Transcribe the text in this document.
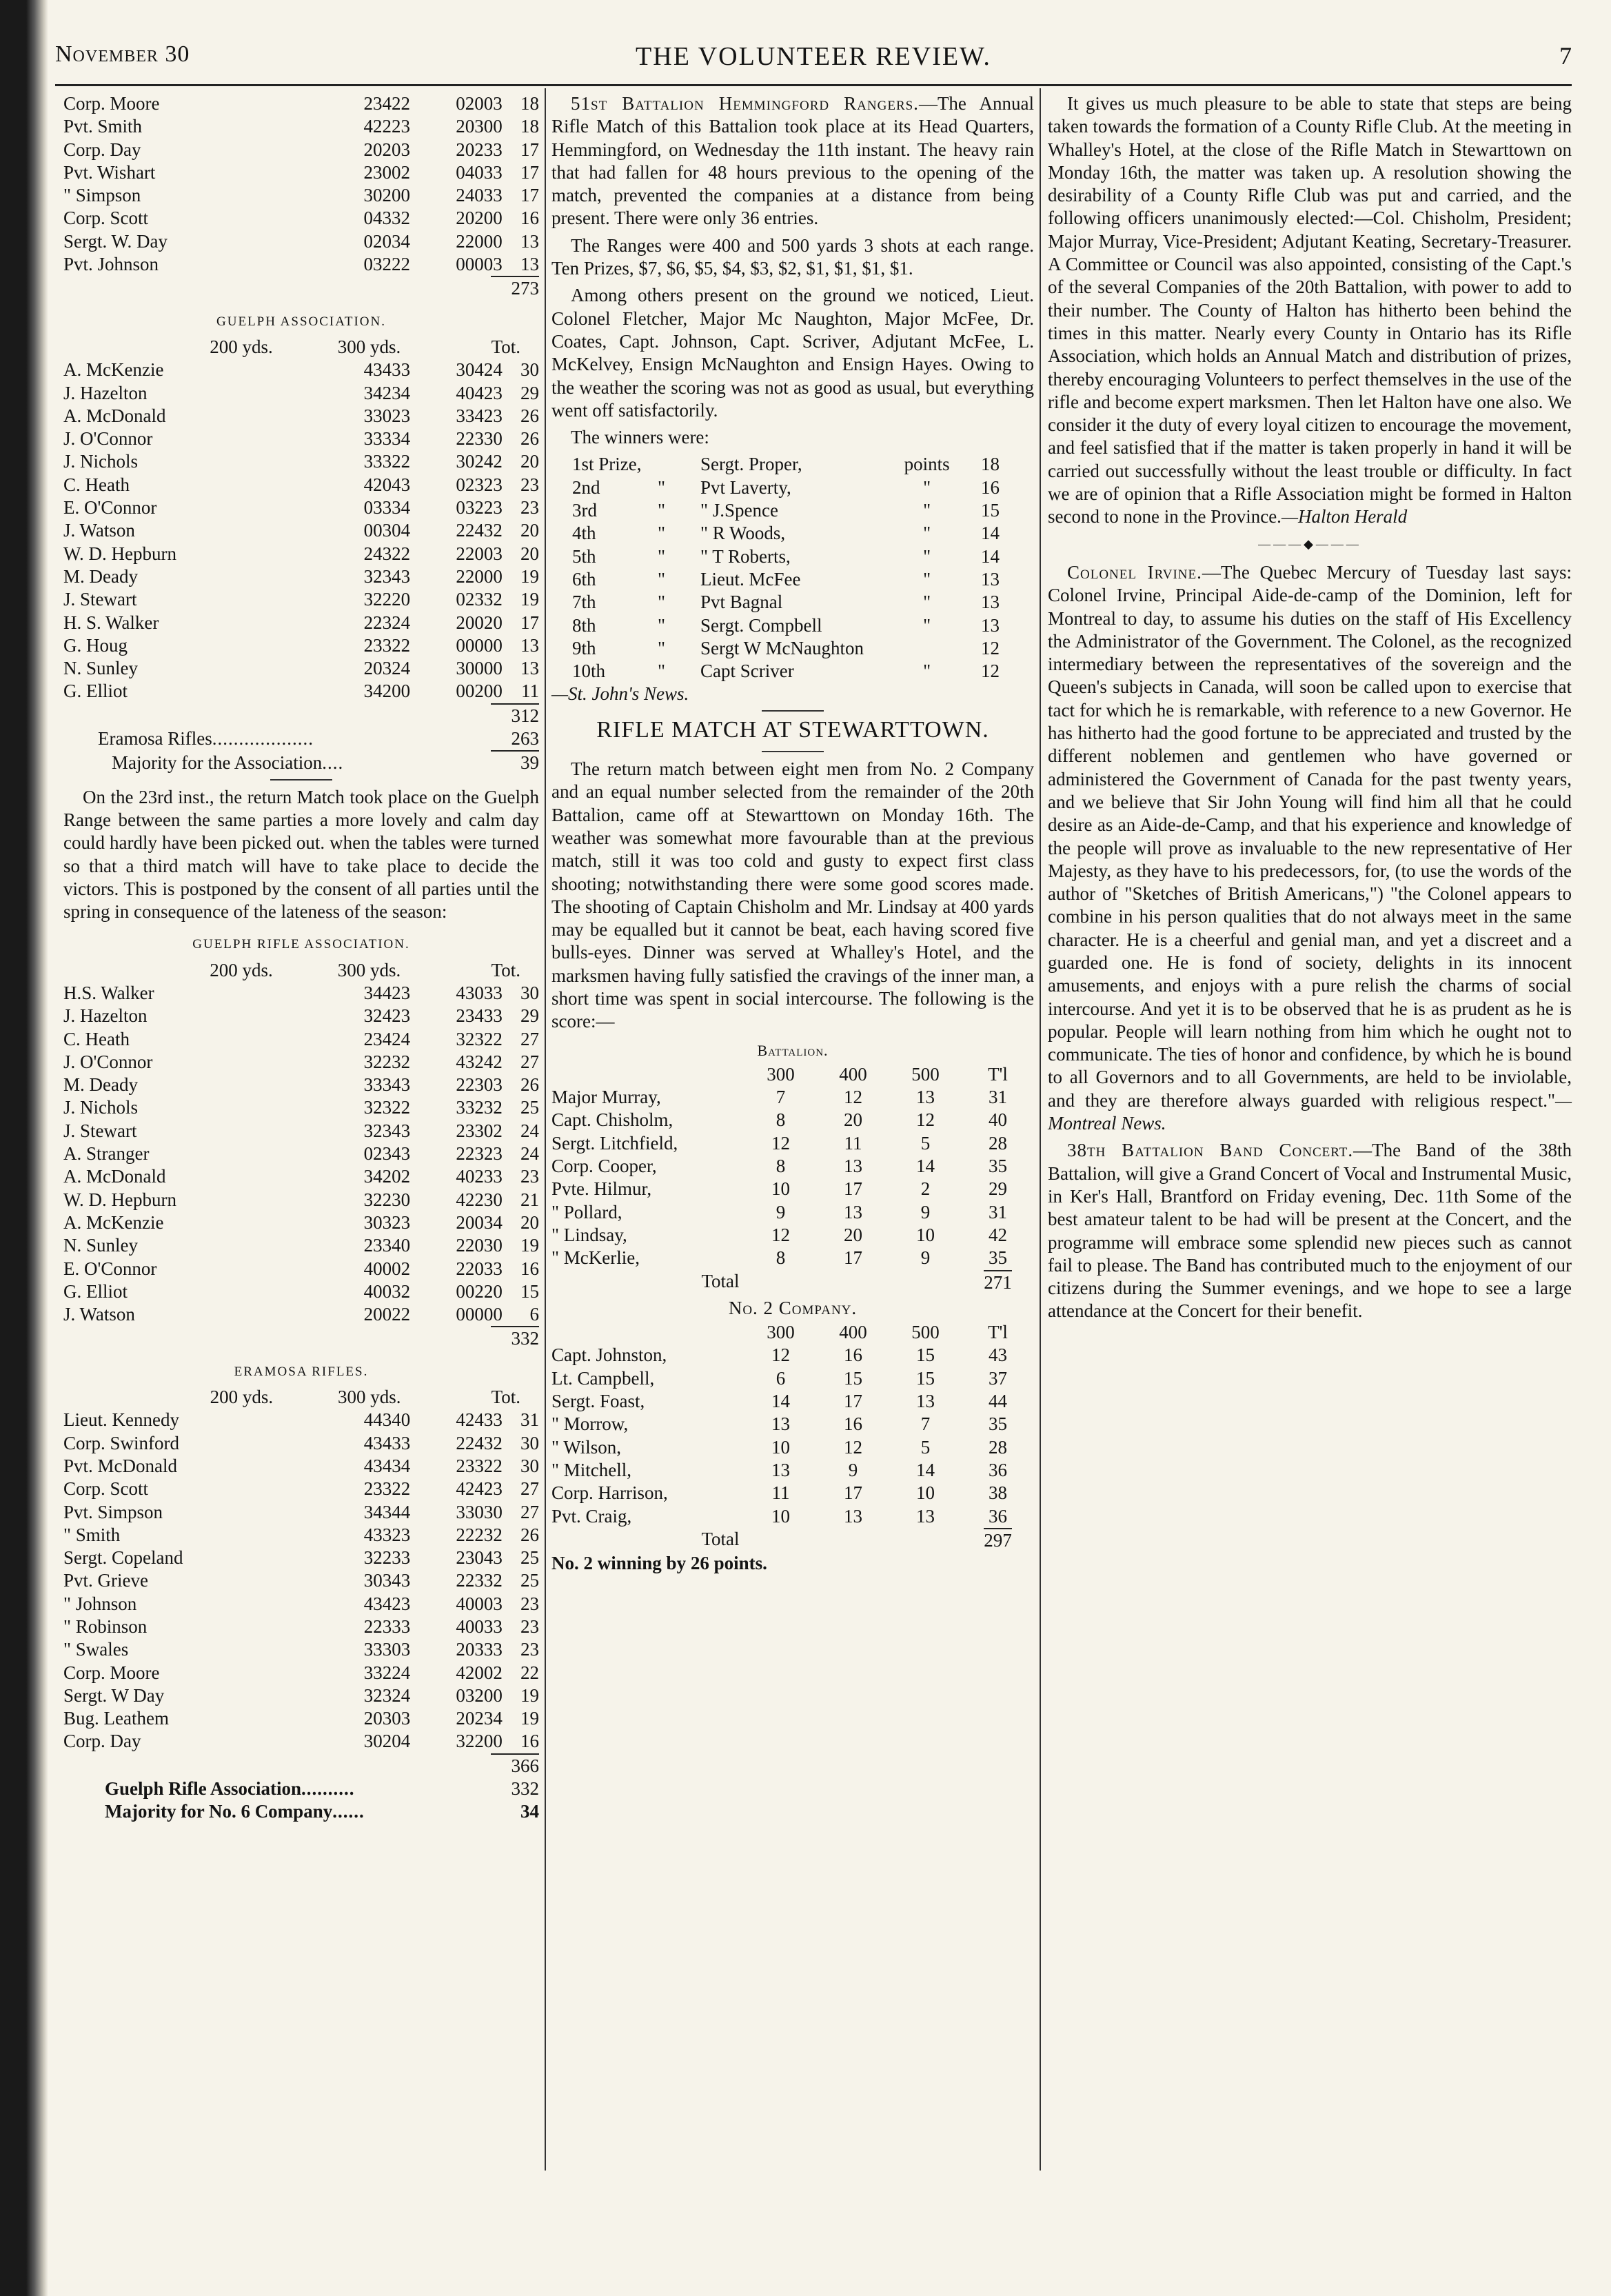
November 30	THE VOLUNTEER REVIEW.	7
Corp. Moore	23422	02003	18
Pvt. Smith	42223	20300	18
Corp. Day	20203	20233	17
Pvt. Wishart	23002	04033	17
" Simpson	30200	24033	17
Corp. Scott	04332	20200	16
Sergt. W. Day	02034	22000	13
Pvt. Johnson	03222	00003	13
273
GUELPH ASSOCIATION.
200 yds.	300 yds.	Tot.	
A. McKenzie	43433	30424	30
J. Hazelton	34234	40423	29
A. McDonald	33023	33423	26
J. O'Connor	33334	22330	26
J. Nichols	33322	30242	20
C. Heath	42043	02323	23
E. O'Connor	03334	03223	23
J. Watson	00304	22432	20
W. D. Hepburn	24322	22003	20
M. Deady	32343	22000	19
J. Stewart	32220	02332	19
H. S. Walker	22324	20020	17
G. Houg	23322	00000	13
N. Sunley	20324	30000	13
G. Elliot	34200	00200	11
312
Eramosa Rifles...................	263
Majority for the Association....	39

On the 23rd inst., the return Match took place on the Guelph Range between the same parties a more lovely and calm day could hardly have been picked out. when the tables were turned so that a third match will have to take place to decide the victors. This is postponed by the consent of all parties until the spring in consequence of the lateness of the season:

GUELPH RIFLE ASSOCIATION.
200 yds.	300 yds.	Tot.	
H.S. Walker	34423	43033	30
J. Hazelton	32423	23433	29
C. Heath	23424	32322	27
J. O'Connor	32232	43242	27
M. Deady	33343	22303	26
J. Nichols	32322	33232	25
J. Stewart	32343	23302	24
A. Stranger	02343	22323	24
A. McDonald	34202	40233	23
W. D. Hepburn	32230	42230	21
A. McKenzie	30323	20034	20
N. Sunley	23340	22030	19
E. O'Connor	40002	22033	16
G. Elliot	40032	00220	15
J. Watson	20022	00000	6
332
ERAMOSA RIFLES.
200 yds.	300 yds.	Tot.	
Lieut. Kennedy	44340	42433	31
Corp. Swinford	43433	22432	30
Pvt. McDonald	43434	23322	30
Corp. Scott	23322	42423	27
Pvt. Simpson	34344	33030	27
" Smith	43323	22232	26
Sergt. Copeland	32233	23043	25
Pvt. Grieve	30343	22332	25
" Johnson	43423	40003	23
" Robinson	22333	40033	23
" Swales	33303	20333	23
Corp. Moore	33224	42002	22
Sergt. W Day	32324	03200	19
Bug. Leathem	20303	20234	19
Corp. Day	30204	32200	16
366
Guelph Rifle Association..........	332
Majority for No. 6 Company......	34

51st Battalion Hemmingford Rangers.—The Annual Rifle Match of this Battalion took place at its Head Quarters, Hemmingford, on Wednesday the 11th instant. The heavy rain that had fallen for 48 hours previous to the opening of the match, prevented the companies at a distance from being present. There were only 36 entries.

The Ranges were 400 and 500 yards 3 shots at each range. Ten Prizes, $7, $6, $5, $4, $3, $2, $1, $1, $1, $1.

Among others present on the ground we noticed, Lieut. Colonel Fletcher, Major Mc Naughton, Major McFee, Dr. Coates, Capt. Johnson, Capt. Scriver, Adjutant McFee, L. McKelvey, Ensign McNaughton and Ensign Hayes. Owing to the weather the scoring was not as good as usual, but everything went off satisfactorily.

The winners were:

1st Prize,		Sergt. Proper,	points	18
2nd	"	Pvt Laverty,	"	16
3rd	"	" J.Spence	"	15
4th	"	" R Woods,	"	14
5th	"	" T Roberts,	"	14
6th	"	Lieut. McFee	"	13
7th	"	Pvt Bagnal	"	13
8th	"	Sergt. Compbell	"	13
9th	"	Sergt W McNaughton		12
10th	"	Capt Scriver	"	12

—St. John's News.

RIFLE MATCH AT STEWARTTOWN.

The return match between eight men from No. 2 Company and an equal number selected from the remainder of the 20th Battalion, came off at Stewarttown on Monday 16th. The weather was somewhat more favourable than at the previous match, still it was too cold and gusty to expect first class shooting; notwithstanding there were some good scores made. The shooting of Captain Chisholm and Mr. Lindsay at 400 yards may be equalled but it cannot be beat, each having scored five bulls-eyes. Dinner was served at Whalley's Hotel, and the marksmen having fully satisfied the cravings of the inner man, a short time was spent in social intercourse. The following is the score:—

Battalion.
	300	400	500	T'l
Major Murray,	7	12	13	31
Capt. Chisholm,	8	20	12	40
Sergt. Litchfield,	12	11	5	28
Corp. Cooper,	8	13	14	35
Pvte. Hilmur,	10	17	2	29
" Pollard,	9	13	9	31
" Lindsay,	12	20	10	42
" McKerlie,	8	17	9	35
Total				271
No. 2 Company.
	300	400	500	T'l
Capt. Johnston,	12	16	15	43
Lt. Campbell,	6	15	15	37
Sergt. Foast,	14	17	13	44
" Morrow,	13	16	7	35
" Wilson,	10	12	5	28
" Mitchell,	13	9	14	36
Corp. Harrison,	11	17	10	38
Pvt. Craig,	10	13	13	36
Total				297

No. 2 winning by 26 points.

It gives us much pleasure to be able to state that steps are being taken towards the formation of a County Rifle Club. At the meeting in Whalley's Hotel, at the close of the Rifle Match in Stewarttown on Monday 16th, the matter was taken up. A resolution showing the desirability of a County Rifle Club was put and carried, and the following officers unanimously elected:—Col. Chisholm, President; Major Murray, Vice-President; Adjutant Keating, Secretary-Treasurer. A Committee or Council was also appointed, consisting of the Capt.'s of the several Companies of the 20th Battalion, with power to add to their number. The County of Halton has hitherto been behind the times in this matter. Nearly every County in Ontario has its Rifle Association, which holds an Annual Match and distribution of prizes, thereby encouraging Volunteers to perfect themselves in the use of the rifle and become expert marksmen. Then let Halton have one also. We consider it the duty of every loyal citizen to encourage the movement, and feel satisfied that if the matter is taken properly in hand it will be carried out successfully without the least trouble or difficulty. In fact we are of opinion that a Rifle Association might be formed in Halton second to none in the Province.—Halton Herald

———◆———

Colonel Irvine.—The Quebec Mercury of Tuesday last says: Colonel Irvine, Principal Aide-de-camp of the Dominion, left for Montreal to day, to assume his duties on the staff of His Excellency the Administrator of the Government. The Colonel, as the recognized intermediary between the representatives of the sovereign and the Queen's subjects in Canada, will soon be called upon to exercise that tact for which he is remarkable, with reference to a new Governor. He has hitherto had the good fortune to be appreciated and trusted by the different noblemen and gentlemen who have governed or administered the Government of Canada for the past twenty years, and we believe that Sir John Young will find him all that he could desire as an Aide-de-Camp, and that his experience and knowledge of the people will prove as invaluable to the new representative of Her Majesty, as they have to his predecessors, for, (to use the words of the author of "Sketches of British Americans,") "the Colonel appears to combine in his person qualities that do not always meet in the same character. He is a cheerful and genial man, and yet a discreet and a guarded one. He is fond of society, delights in its innocent amusements, and enjoys with a pure relish the charms of social intercourse. And yet it is to be observed that he is as prudent as he is popular. People will learn nothing from him which he ought not to communicate. The ties of honor and confidence, by which he is bound to all Governors and to all Governments, are held to be inviolable, and they are therefore always guarded with religious respect."—Montreal News.

38th Battalion Band Concert.—The Band of the 38th Battalion, will give a Grand Concert of Vocal and Instrumental Music, in Ker's Hall, Brantford on Friday evening, Dec. 11th Some of the best amateur talent to be had will be present at the Concert, and the programme will embrace some splendid new pieces such as cannot fail to please. The Band has contributed much to the enjoyment of our citizens during the Summer evenings, and we hope to see a large attendance at the Concert for their benefit.
